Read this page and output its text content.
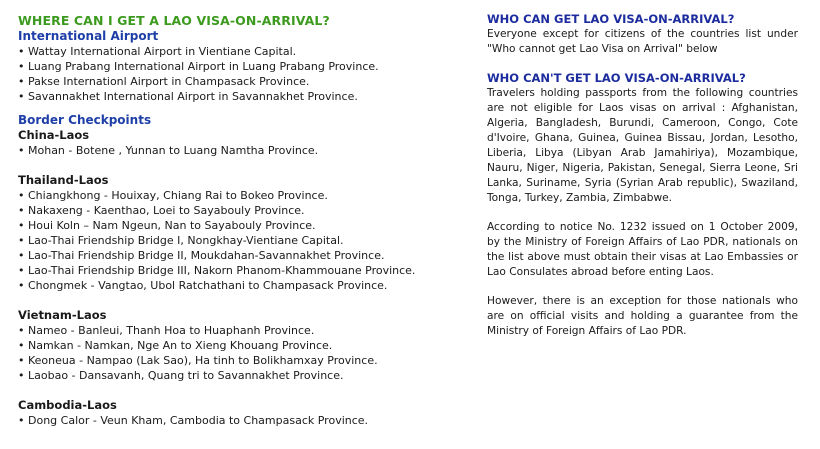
WHERE CAN I GET A LAO VISA-ON-ARRIVAL?
International Airport
• Wattay International Airport in Vientiane Capital.
• Luang Prabang International Airport in Luang Prabang Province.
• Pakse Internationl Airport in Champasack Province.
• Savannakhet International Airport in Savannakhet Province.
Border Checkpoints
China-Laos
• Mohan - Botene , Yunnan to Luang Namtha Province.
Thailand-Laos
• Chiangkhong - Houixay, Chiang Rai to Bokeo Province.
• Nakaxeng - Kaenthao, Loei to Sayabouly Province.
• Houi Koln – Nam Ngeun, Nan to Sayabouly Province.
• Lao-Thai Friendship Bridge I, Nongkhay-Vientiane Capital.
• Lao-Thai Friendship Bridge II, Moukdahan-Savannakhet Province.
• Lao-Thai Friendship Bridge III, Nakorn Phanom-Khammouane Province.
• Chongmek - Vangtao, Ubol Ratchathani to Champasack Province.
Vietnam-Laos
• Nameo - Banleui, Thanh Hoa to Huaphanh Province.
• Namkan - Namkan, Nge An to Xieng Khouang Province.
• Keoneua - Nampao (Lak Sao), Ha tinh to Bolikhamxay Province.
• Laobao - Dansavanh, Quang tri to Savannakhet Province.
Cambodia-Laos
• Dong Calor - Veun Kham, Cambodia to Champasack Province.
WHO CAN GET LAO VISA-ON-ARRIVAL?

Everyone except for citizens of the countries list under "Who cannot get Lao Visa on Arrival" below

WHO CAN'T GET LAO VISA-ON-ARRIVAL?

Travelers holding passports from the following countries are not eligible for Laos visas on arrival : Afghanistan, Algeria, Bangladesh, Burundi, Cameroon, Congo, Cote d'Ivoire, Ghana, Guinea, Guinea Bissau, Jordan, Lesotho, Liberia, Libya (Libyan Arab Jamahiriya), Mozambique, Nauru, Niger, Nigeria, Pakistan, Senegal, Sierra Leone, Sri Lanka, Suriname, Syria (Syrian Arab republic), Swaziland, Tonga, Turkey, Zambia, Zimbabwe.

According to notice No. 1232 issued on 1 October 2009, by the Ministry of Foreign Affairs of Lao PDR, nationals on the list above must obtain their visas at Lao Embassies or Lao Consulates abroad before enting Laos.

However, there is an exception for those nationals who are on official visits and holding a guarantee from the Ministry of Foreign Affairs of Lao PDR.
